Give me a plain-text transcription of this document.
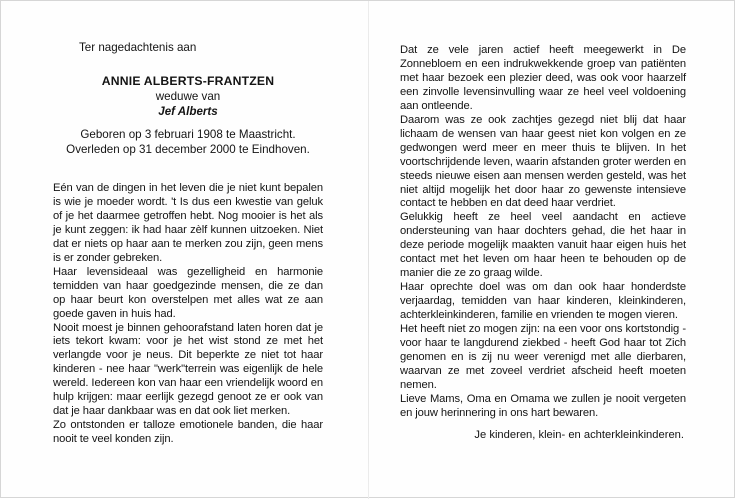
Ter nagedachtenis aan
ANNIE ALBERTS-FRANTZEN
weduwe van
Jef Alberts
Geboren op 3 februari 1908 te Maastricht.
Overleden op 31 december 2000 te Eindhoven.

Eén van de dingen in het leven die je niet kunt bepalen is wie je moeder wordt. 't Is dus een kwestie van geluk of je het daarmee getroffen hebt. Nog mooier is het als je kunt zeggen: ik had haar zèlf kunnen uitzoeken. Niet dat er niets op haar aan te merken zou zijn, geen mens is er zonder gebreken.

Haar levensideaal was gezelligheid en harmonie temidden van haar goedgezinde mensen, die ze dan op haar beurt kon overstelpen met alles wat ze aan goede gaven in huis had.

Nooit moest je binnen gehoorafstand laten horen dat je iets tekort kwam: voor je het wist stond ze met het verlangde voor je neus. Dit beperkte ze niet tot haar kinderen - nee haar "werk"terrein was eigenlijk de hele wereld. Iedereen kon van haar een vriendelijk woord en hulp krijgen: maar eerlijk gezegd genoot ze er ook van dat je haar dankbaar was en dat ook liet merken.

Zo ontstonden er talloze emotionele banden, die haar nooit te veel konden zijn.

Dat ze vele jaren actief heeft meegewerkt in De Zonnebloem en een indrukwekkende groep van patiënten met haar bezoek een plezier deed, was ook voor haarzelf een zinvolle levensinvulling waar ze heel veel voldoening aan ontleende.

Daarom was ze ook zachtjes gezegd niet blij dat haar lichaam de wensen van haar geest niet kon volgen en ze gedwongen werd meer en meer thuis te blijven. In het voortschrijdende leven, waarin afstanden groter werden en steeds nieuwe eisen aan mensen werden gesteld, was het niet altijd mogelijk het door haar zo gewenste intensieve contact te hebben en dat deed haar verdriet.

Gelukkig heeft ze heel veel aandacht en actieve ondersteuning van haar dochters gehad, die het haar in deze periode mogelijk maakten vanuit haar eigen huis het contact met het leven om haar heen te behouden op de manier die ze zo graag wilde.

Haar oprechte doel was om dan ook haar honderdste verjaardag, temidden van haar kinderen, kleinkinderen, achterkleinkinderen, familie en vrienden te mogen vieren.

Het heeft niet zo mogen zijn: na een voor ons kortstondig - voor haar te langdurend ziekbed - heeft God haar tot Zich genomen en is zij nu weer verenigd met alle dierbaren, waarvan ze met zoveel verdriet afscheid heeft moeten nemen.

Lieve Mams, Oma en Omama we zullen je nooit vergeten en jouw herinnering in ons hart bewaren.

Je kinderen, klein- en achterkleinkinderen.
